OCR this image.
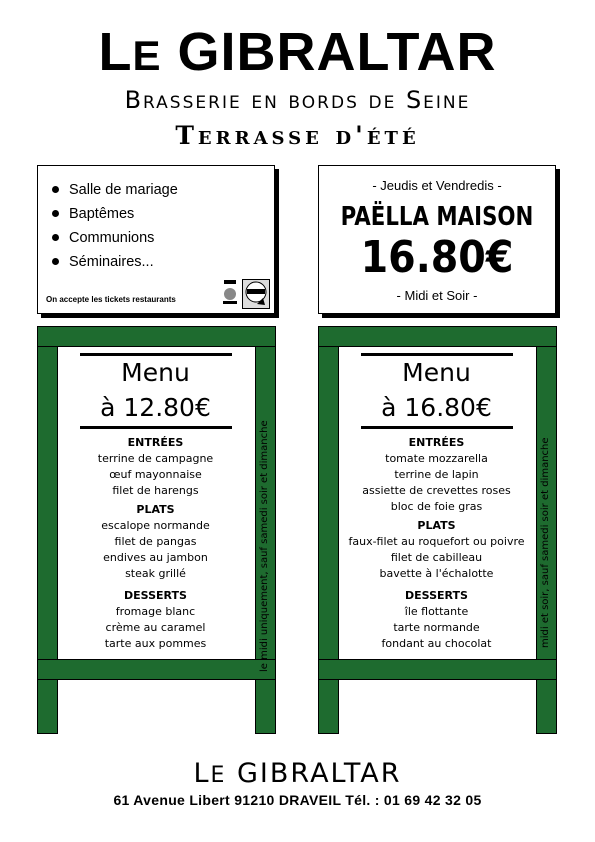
LE GIBRALTAR
Brasserie en bords de Seine
Terrasse d'été
Salle de mariage
Baptêmes
Communions
Séminaires...
On accepte les tickets restaurants
- Jeudis et Vendredis -
PAËLLA MAISON
16.80€
- Midi et Soir -
Menu
à 12.80€
ENTRÉES
terrine de campagne
œuf mayonnaise
filet de harengs
PLATS
escalope normande
filet de pangas
endives au jambon
steak grillé
DESSERTS
fromage blanc
crème au caramel
tarte aux pommes	le midi uniquement, sauf samedi soir et dimanche
Menu
à 16.80€
ENTRÉES
tomate mozzarella
terrine de lapin
assiette de crevettes roses
bloc de foie gras
PLATS
faux-filet au roquefort ou poivre
filet de cabilleau
bavette à l'échalotte
DESSERTS
île flottante
tarte normande
fondant au chocolat	midi et soir, sauf samedi soir et dimanche
LE GIBRALTAR
61 Avenue Libert 91210 DRAVEIL Tél. : 01 69 42 32 05
